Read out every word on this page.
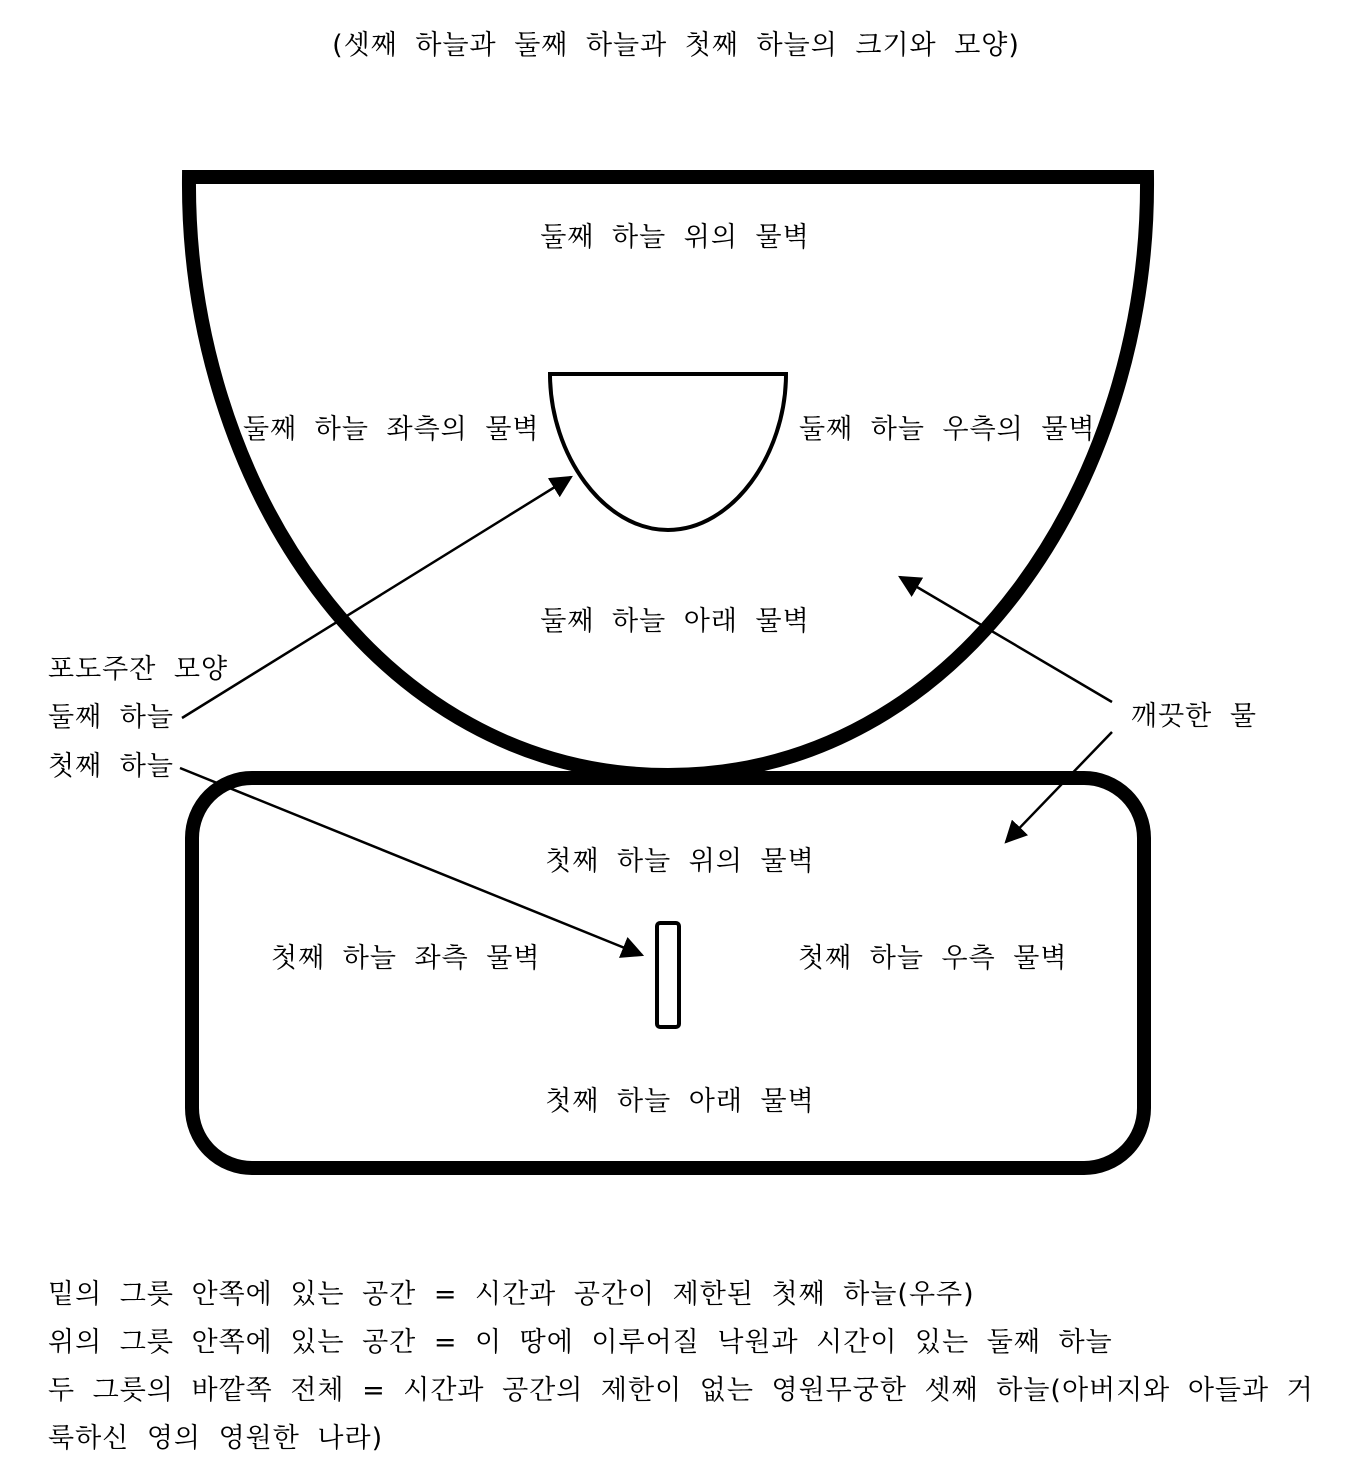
(셋째 하늘과 둘째 하늘과 첫째 하늘의 크기와 모양)
둘째 하늘 위의 물벽
둘째 하늘 좌측의 물벽	둘째 하늘 우측의 물벽
둘째 하늘 아래 물벽
첫째 하늘 위의 물벽
첫째 하늘 좌측 물벽	첫째 하늘 우측 물벽
첫째 하늘 아래 물벽
포도주잔 모양
둘째 하늘
첫째 하늘
깨끗한 물
밑의 그릇 안쪽에 있는 공간 = 시간과 공간이 제한된 첫째 하늘(우주)
위의 그릇 안쪽에 있는 공간 = 이 땅에 이루어질 낙원과 시간이 있는 둘째 하늘
두 그릇의 바깥쪽 전체 = 시간과 공간의 제한이 없는 영원무궁한 셋째 하늘(아버지와 아들과 거
룩하신 영의 영원한 나라)
